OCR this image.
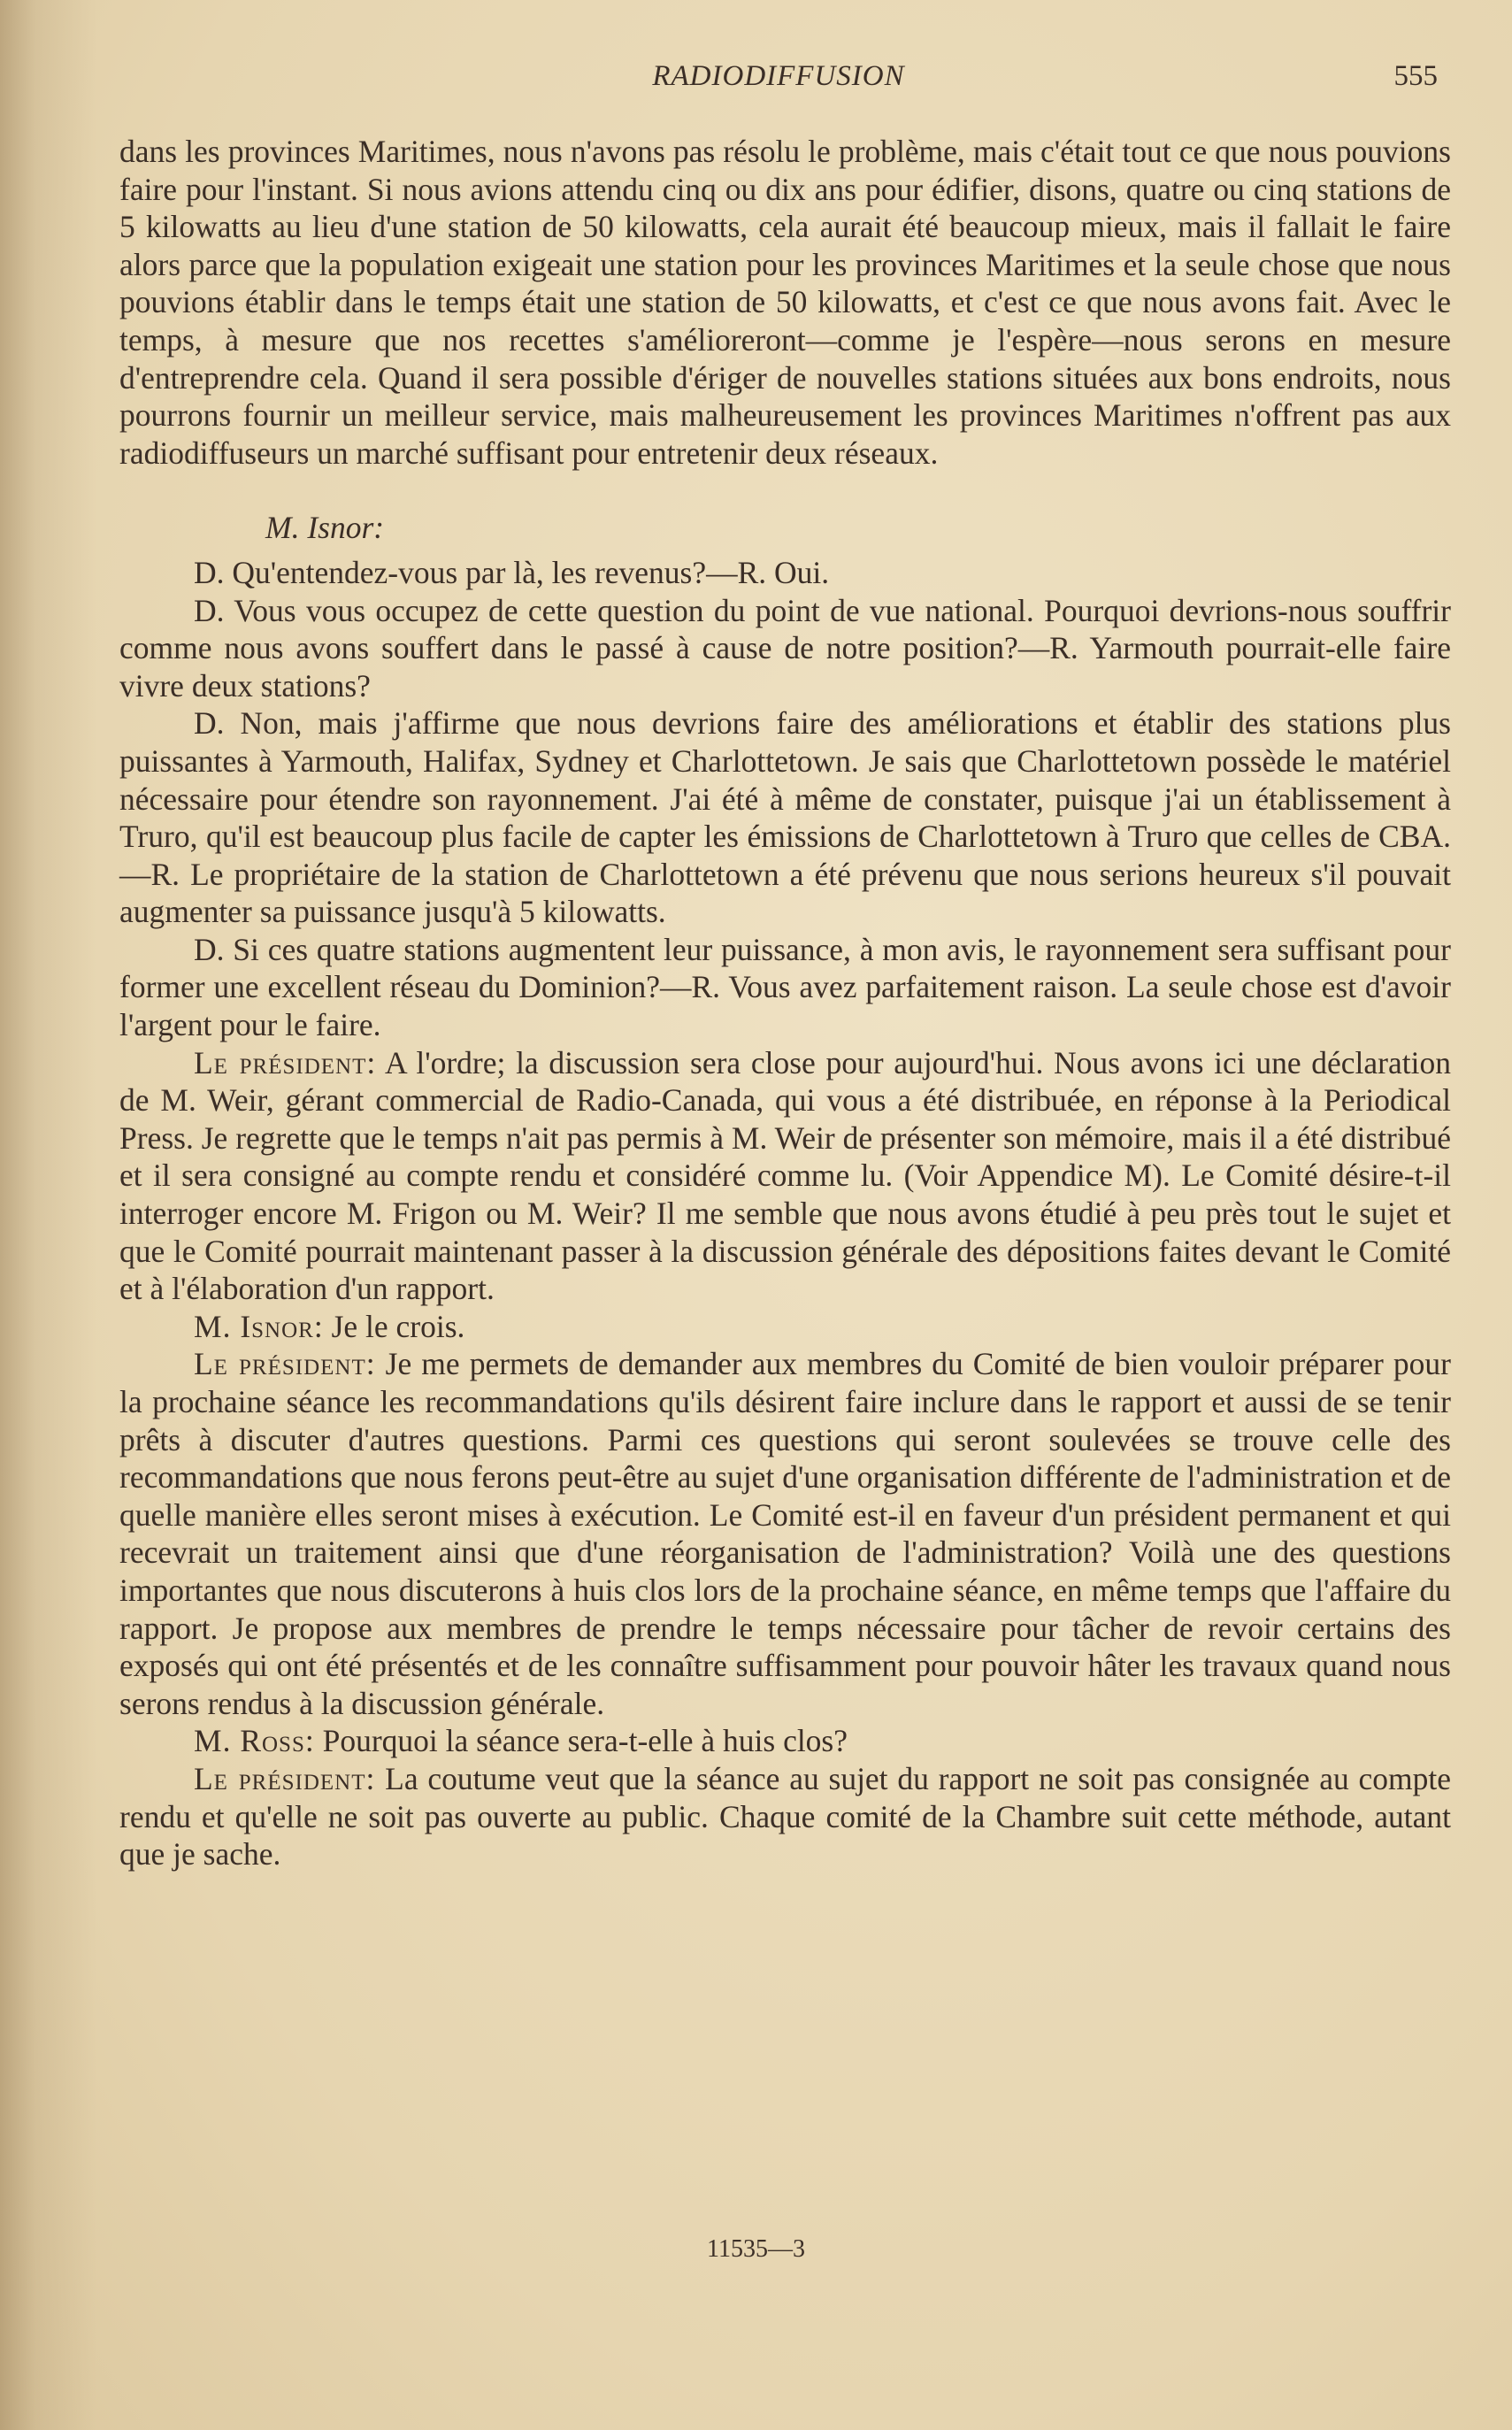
RADIODIFFUSION	555

dans les provinces Maritimes, nous n'avons pas résolu le problème, mais c'était tout ce que nous pouvions faire pour l'instant. Si nous avions attendu cinq ou dix ans pour édifier, disons, quatre ou cinq stations de 5 kilowatts au lieu d'une station de 50 kilowatts, cela aurait été beaucoup mieux, mais il fallait le faire alors parce que la population exigeait une station pour les provinces Maritimes et la seule chose que nous pouvions établir dans le temps était une station de 50 kilowatts, et c'est ce que nous avons fait. Avec le temps, à mesure que nos recettes s'amélioreront—comme je l'espère—nous serons en mesure d'entreprendre cela. Quand il sera possible d'ériger de nouvelles stations situées aux bons endroits, nous pourrons fournir un meilleur service, mais malheureusement les provinces Maritimes n'offrent pas aux radiodiffuseurs un marché suffisant pour entretenir deux réseaux.

M. Isnor:

D. Qu'entendez-vous par là, les revenus?—R. Oui.

D. Vous vous occupez de cette question du point de vue national. Pourquoi devrions-nous souffrir comme nous avons souffert dans le passé à cause de notre position?—R. Yarmouth pourrait-elle faire vivre deux stations?

D. Non, mais j'affirme que nous devrions faire des améliorations et établir des stations plus puissantes à Yarmouth, Halifax, Sydney et Charlottetown. Je sais que Charlottetown possède le matériel nécessaire pour étendre son rayonnement. J'ai été à même de constater, puisque j'ai un établissement à Truro, qu'il est beaucoup plus facile de capter les émissions de Charlottetown à Truro que celles de CBA.—R. Le propriétaire de la station de Charlottetown a été prévenu que nous serions heureux s'il pouvait augmenter sa puissance jusqu'à 5 kilowatts.

D. Si ces quatre stations augmentent leur puissance, à mon avis, le rayonnement sera suffisant pour former une excellent réseau du Dominion?—R. Vous avez parfaitement raison. La seule chose est d'avoir l'argent pour le faire.

Le président: A l'ordre; la discussion sera close pour aujourd'hui. Nous avons ici une déclaration de M. Weir, gérant commercial de Radio-Canada, qui vous a été distribuée, en réponse à la Periodical Press. Je regrette que le temps n'ait pas permis à M. Weir de présenter son mémoire, mais il a été distribué et il sera consigné au compte rendu et considéré comme lu. (Voir Appendice M). Le Comité désire-t-il interroger encore M. Frigon ou M. Weir? Il me semble que nous avons étudié à peu près tout le sujet et que le Comité pourrait maintenant passer à la discussion générale des dépositions faites devant le Comité et à l'élaboration d'un rapport.

M. Isnor: Je le crois.

Le président: Je me permets de demander aux membres du Comité de bien vouloir préparer pour la prochaine séance les recommandations qu'ils désirent faire inclure dans le rapport et aussi de se tenir prêts à discuter d'autres questions. Parmi ces questions qui seront soulevées se trouve celle des recommandations que nous ferons peut-être au sujet d'une organisation différente de l'administration et de quelle manière elles seront mises à exécution. Le Comité est-il en faveur d'un président permanent et qui recevrait un traitement ainsi que d'une réorganisation de l'administration? Voilà une des questions importantes que nous discuterons à huis clos lors de la prochaine séance, en même temps que l'affaire du rapport. Je propose aux membres de prendre le temps nécessaire pour tâcher de revoir certains des exposés qui ont été présentés et de les connaître suffisamment pour pouvoir hâter les travaux quand nous serons rendus à la discussion générale.

M. Ross: Pourquoi la séance sera-t-elle à huis clos?

Le président: La coutume veut que la séance au sujet du rapport ne soit pas consignée au compte rendu et qu'elle ne soit pas ouverte au public. Chaque comité de la Chambre suit cette méthode, autant que je sache.

11535—3
